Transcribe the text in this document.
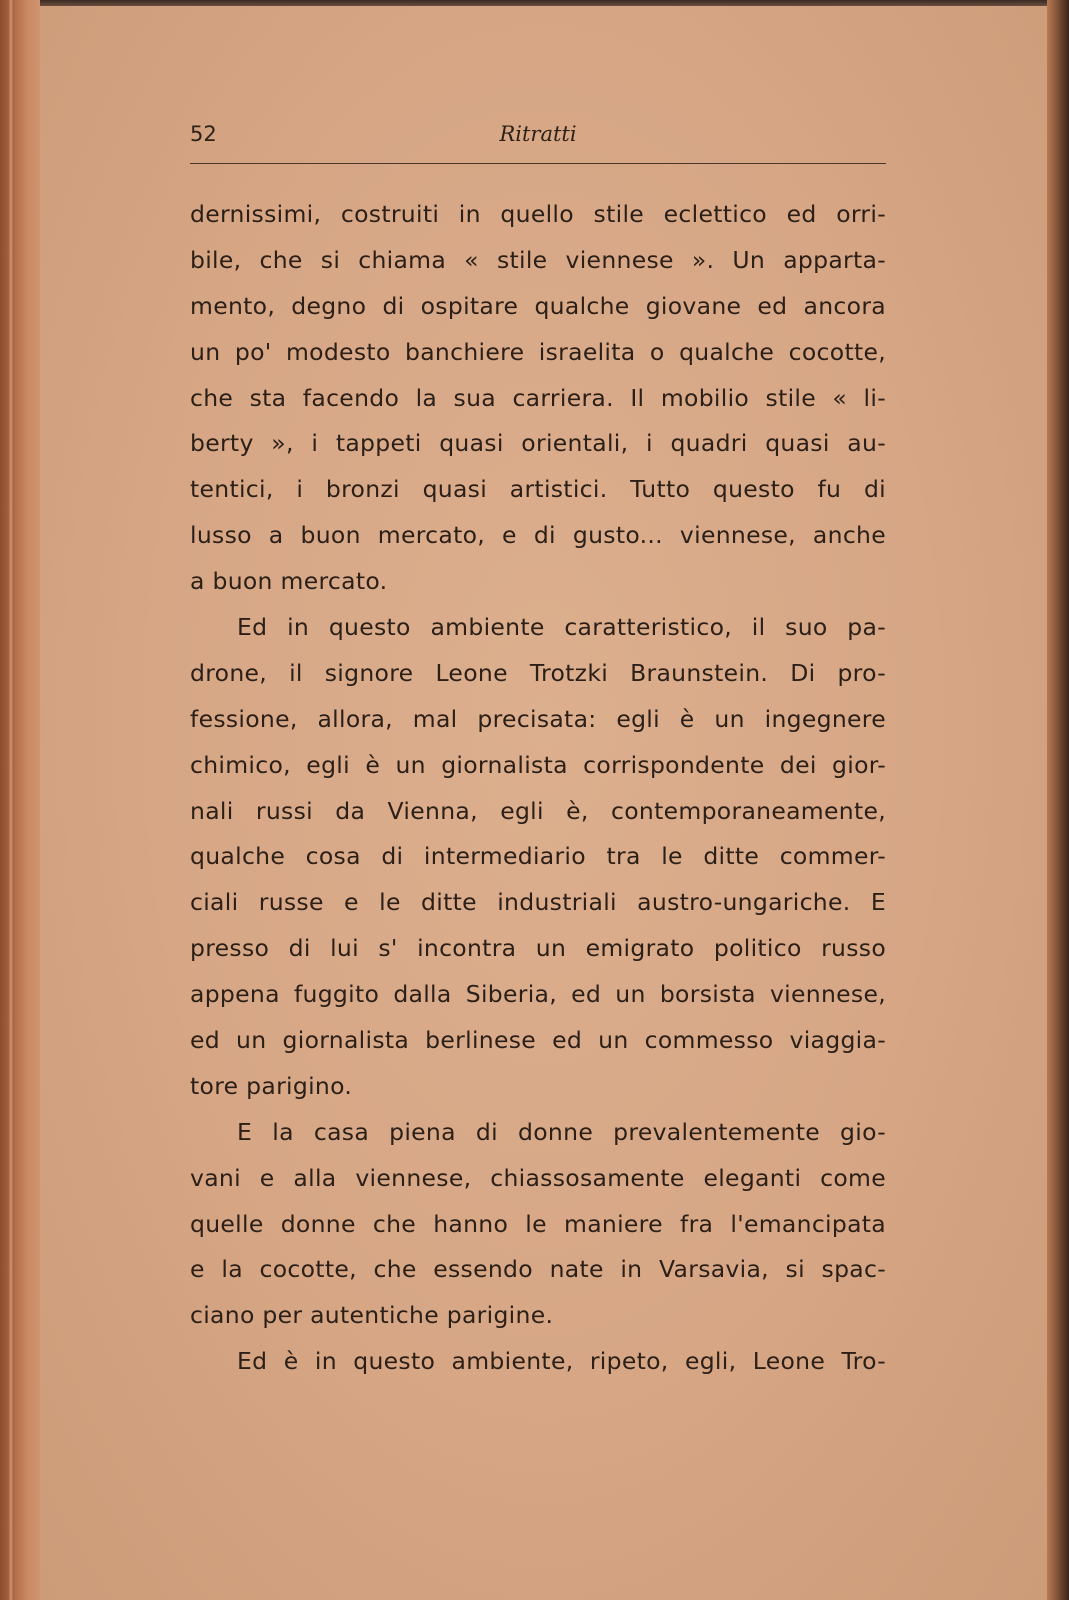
52	Ritratti
dernissimi, costruiti in quello stile eclettico ed orri-
bile, che si chiama « stile viennese ». Un apparta-
mento, degno di ospitare qualche giovane ed ancora
un po' modesto banchiere israelita o qualche cocotte,
che sta facendo la sua carriera. Il mobilio stile « li-
berty », i tappeti quasi orientali, i quadri quasi au-
tentici, i bronzi quasi artistici. Tutto questo fu di
lusso a buon mercato, e di gusto... viennese, anche
a buon mercato.
Ed in questo ambiente caratteristico, il suo pa-
drone, il signore Leone Trotzki Braunstein. Di pro-
fessione, allora, mal precisata: egli è un ingegnere
chimico, egli è un giornalista corrispondente dei gior-
nali russi da Vienna, egli è, contemporaneamente,
qualche cosa di intermediario tra le ditte commer-
ciali russe e le ditte industriali austro-ungariche. E
presso di lui s' incontra un emigrato politico russo
appena fuggito dalla Siberia, ed un borsista viennese,
ed un giornalista berlinese ed un commesso viaggia-
tore parigino.
E la casa piena di donne prevalentemente gio-
vani e alla viennese, chiassosamente eleganti come
quelle donne che hanno le maniere fra l'emancipata
e la cocotte, che essendo nate in Varsavia, si spac-
ciano per autentiche parigine.
Ed è in questo ambiente, ripeto, egli, Leone Tro-
